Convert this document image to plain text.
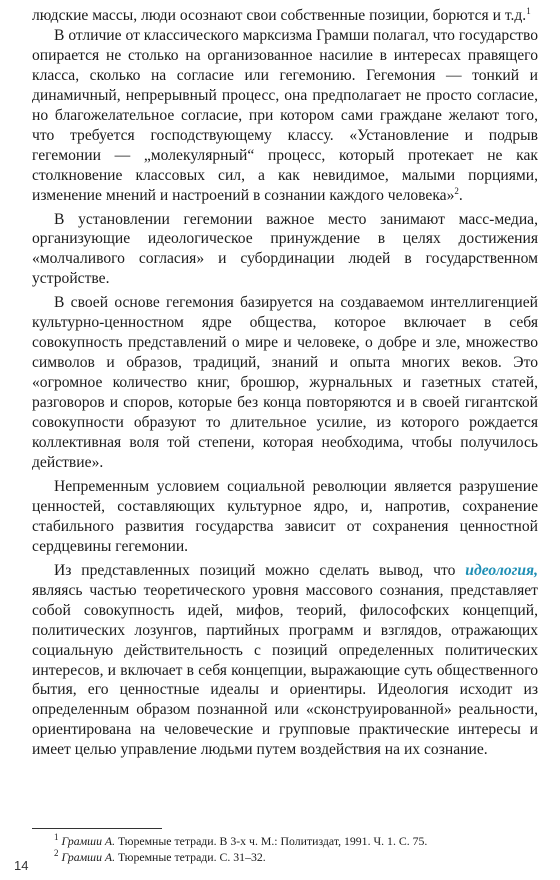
людские массы, люди осознают свои собственные позиции, борются и т.д.$^1$

В отличие от классического марксизма Грамши полагал, что государство опирается не столько на организованное насилие в интересах правящего класса, сколько на согласие или гегемонию. Гегемония — тонкий и динамичный, непрерывный процесс, она предполагает не просто согласие, но благожелательное согласие, при котором сами граждане желают того, что требуется господствующему классу. «Установление и подрыв гегемонии — „молекулярный“ процесс, который протекает не как столкновение классовых сил, а как невидимое, малыми порциями, изменение мнений и настроений в сознании каждого человека»$^2$.

В установлении гегемонии важное место занимают масс-медиа, организующие идеологическое принуждение в целях достижения «молчаливого согласия» и субординации людей в государственном устройстве.

В своей основе гегемония базируется на создаваемом интеллигенцией культурно-ценностном ядре общества, которое включает в себя совокупность представлений о мире и человеке, о добре и зле, множество символов и образов, традиций, знаний и опыта многих веков. Это «огромное количество книг, брошюр, журнальных и газетных статей, разговоров и споров, которые без конца повторяются и в своей гигантской совокупности образуют то длительное усилие, из которого рождается коллективная воля той степени, которая необходима, чтобы получилось действие».

Непременным условием социальной революции является разрушение ценностей, составляющих культурное ядро, и, напротив, сохранение стабильного развития государства зависит от сохранения ценностной сердцевины гегемонии.

Из представленных позиций можно сделать вывод, что идеология, являясь частью теоретического уровня массового сознания, представляет собой совокупность идей, мифов, теорий, философских концепций, политических лозунгов, партийных программ и взглядов, отражающих социальную действительность с позиций определенных политических интересов, и включает в себя концепции, выражающие суть общественного бытия, его ценностные идеалы и ориентиры. Идеология исходит из определенным образом познанной или «сконструированной» реальности, ориентирована на человеческие и групповые практические интересы и имеет целью управление людьми путем воздействия на их сознание.

$^1$ Грамши А. Тюремные тетради. В 3-х ч. М.: Политиздат, 1991. Ч. 1. С. 75.
$^2$ Грамши А. Тюремные тетради. С. 31–32.
14
